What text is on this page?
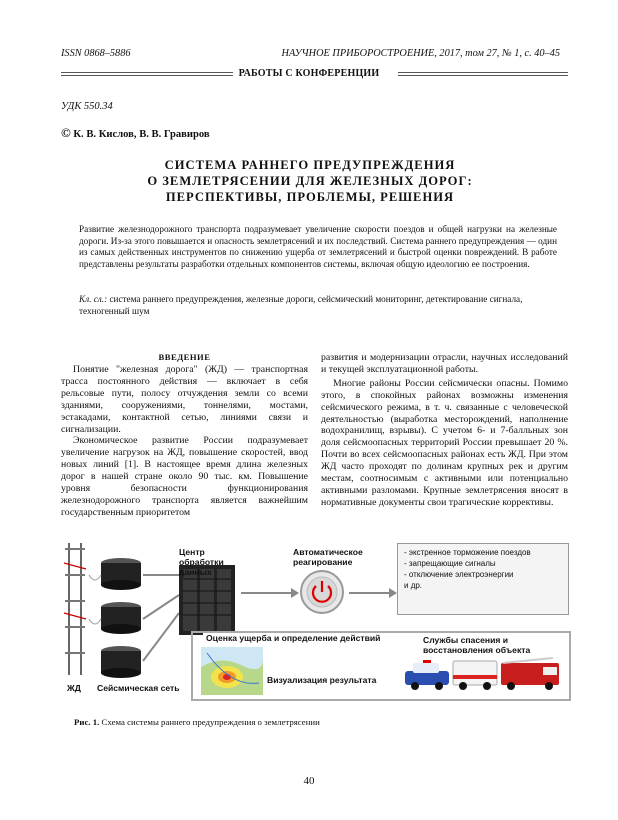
ISSN 0868–5886	НАУЧНОЕ ПРИБОРОСТРОЕНИЕ, 2017, том 27, № 1, с. 40–45
РАБОТЫ С КОНФЕРЕНЦИИ
УДК 550.34
© К. В. Кислов, В. В. Гравиров
СИСТЕМА РАННЕГО ПРЕДУПРЕЖДЕНИЯ
О ЗЕМЛЕТРЯСЕНИИ ДЛЯ ЖЕЛЕЗНЫХ ДОРОГ:
ПЕРСПЕКТИВЫ, ПРОБЛЕМЫ, РЕШЕНИЯ
Развитие железнодорожного транспорта подразумевает увеличение скорости поездов и общей нагрузки на железные дороги. Из-за этого повышается и опасность землетрясений и их последствий. Система раннего предупреждения — один из самых действенных инструментов по снижению ущерба от землетрясений и быстрой оценки повреждений. В работе представлены результаты разработки отдельных компонентов системы, включая общую идеологию ее построения.
Кл. сл.: система раннего предупреждения, железные дороги, сейсмический мониторинг, детектирование сигнала, техногенный шум
ВВЕДЕНИЕ

Понятие "железная дорога" (ЖД) — транспортная трасса постоянного действия — включает в себя рельсовые пути, полосу отчуждения земли со всеми зданиями, сооружениями, тоннелями, мостами, эстакадами, контактной сетью, линиями связи и сигнализации.

Экономическое развитие России подразумевает увеличение нагрузок на ЖД, повышение скоростей, ввод новых линий [1]. В настоящее время длина железных дорог в нашей стране около 90 тыс. км. Повышение уровня безопасности функционирования железнодорожного транспорта является важнейшим государственным приоритетом

развития и модернизации отрасли, научных исследований и текущей эксплуатационной работы.

Многие районы России сейсмически опасны. Помимо этого, в спокойных районах возможны изменения сейсмического режима, в т. ч. связанные с человеческой деятельностью (выработка месторождений, наполнение водохранилищ, взрывы). С учетом 6- и 7-балльных зон доля сейсмоопасных территорий России превышает 20 %. Почти во всех сейсмоопасных районах есть ЖД. При этом ЖД часто проходят по долинам крупных рек и другим местам, соотносимым с активными или потенциально активными разломами. Крупные землетрясения вносят в нормативные документы свои трагические коррективы.

Центр обработки данных
Автоматическое реагирование
- экстренное торможение поездов
- запрещающие сигналы
- отключение электроэнергии
и др.
Оценка ущерба и определение действий	Службы спасения и восстановления объекта
Визуализация результата
ЖД Сейсмическая сеть
Рис. 1. Схема системы раннего предупреждения о землетрясении
40
